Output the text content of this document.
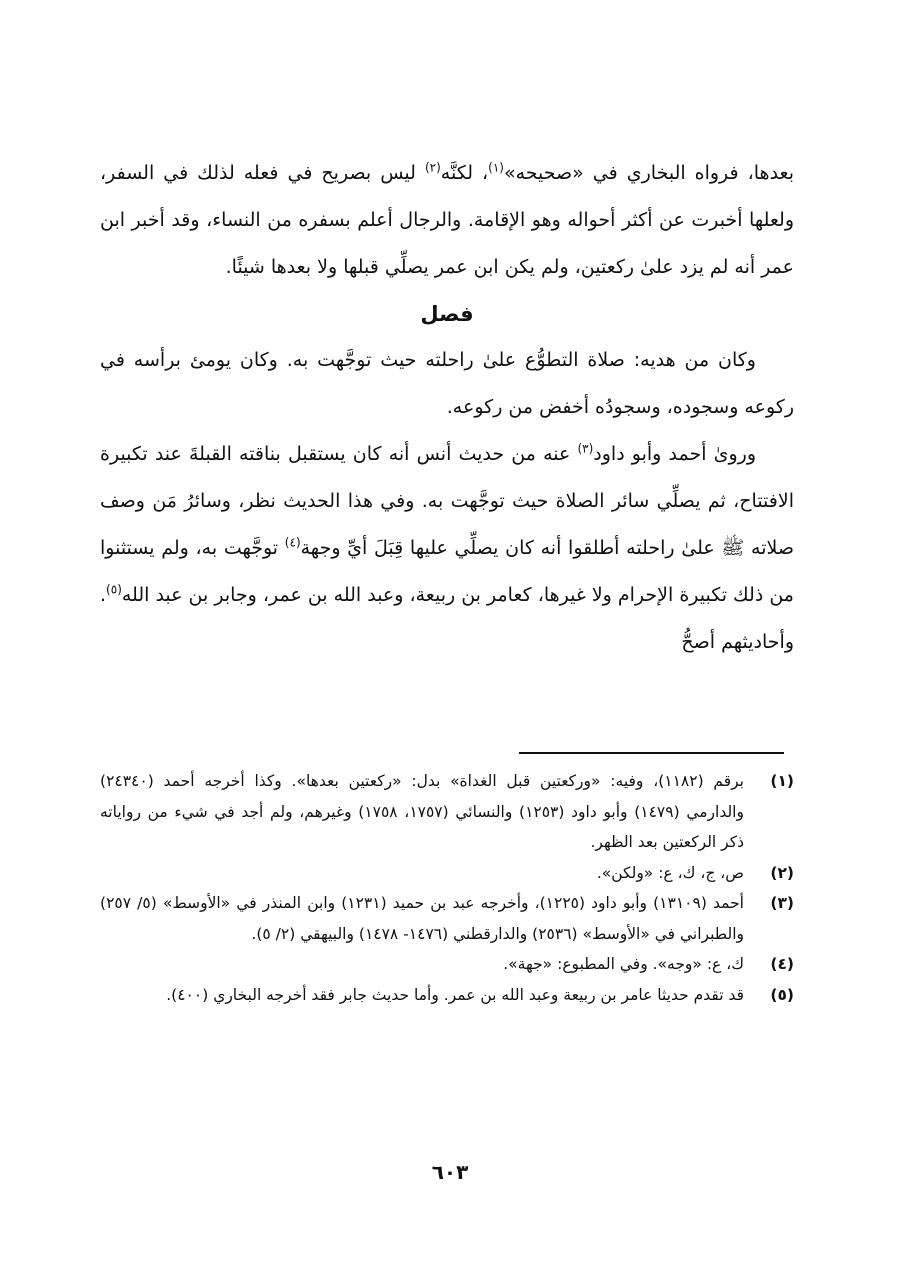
بعدها، فرواه البخاري في «صحيحه»$^{(١)}$، لكنَّه$^{(٢)}$ ليس بصريح في فعله لذلك في السفر، ولعلها أخبرت عن أكثر أحواله وهو الإقامة. والرجال أعلم بسفره من النساء، وقد أخبر ابن عمر أنه لم يزد علىٰ ركعتين، ولم يكن ابن عمر يصلِّي قبلها ولا بعدها شيئًا.

فصل

وكان من هديه: صلاة التطوُّع علىٰ راحلته حيث توجَّهت به. وكان يومئ برأسه في ركوعه وسجوده، وسجودُه أخفض من ركوعه.

وروىٰ أحمد وأبو داود$^{(٣)}$ عنه من حديث أنس أنه كان يستقبل بناقته القبلةَ عند تكبيرة الافتتاح، ثم يصلِّي سائر الصلاة حيث توجَّهت به. وفي هذا الحديث نظر، وسائرُ مَن وصف صلاته ﷺ علىٰ راحلته أطلقوا أنه كان يصلِّي عليها قِبَلَ أيِّ وجهة$^{(٤)}$ توجَّهت به، ولم يستثنوا من ذلك تكبيرة الإحرام ولا غيرها، كعامر بن ربيعة، وعبد الله بن عمر، وجابر بن عبد الله$^{(٥)}$. وأحاديثهم أصحُّ

(١)
برقم (١١٨٢)، وفيه: «وركعتين قبل الغداة» بدل: «ركعتين بعدها». وكذا أخرجه أحمد (٢٤٣٤٠) والدارمي (١٤٧٩) وأبو داود (١٢٥٣) والنسائي (١٧٥٧، ١٧٥٨) وغيرهم، ولم أجد في شيء من رواياته ذكر الركعتين بعد الظهر.
(٢)
ص، ج، ك، ع: «ولكن».
(٣)
أحمد (١٣١٠٩) وأبو داود (١٢٢٥)، وأخرجه عبد بن حميد (١٢٣١) وابن المنذر في «الأوسط» (٥/ ٢٥٧) والطبراني في «الأوسط» (٢٥٣٦) والدارقطني (١٤٧٦- ١٤٧٨) والبيهقي (٢/ ٥).
(٤)
ك، ع: «وجه». وفي المطبوع: «جهة».
(٥)
قد تقدم حديثا عامر بن ربيعة وعبد الله بن عمر. وأما حديث جابر فقد أخرجه البخاري (٤٠٠).
٦٠٣
